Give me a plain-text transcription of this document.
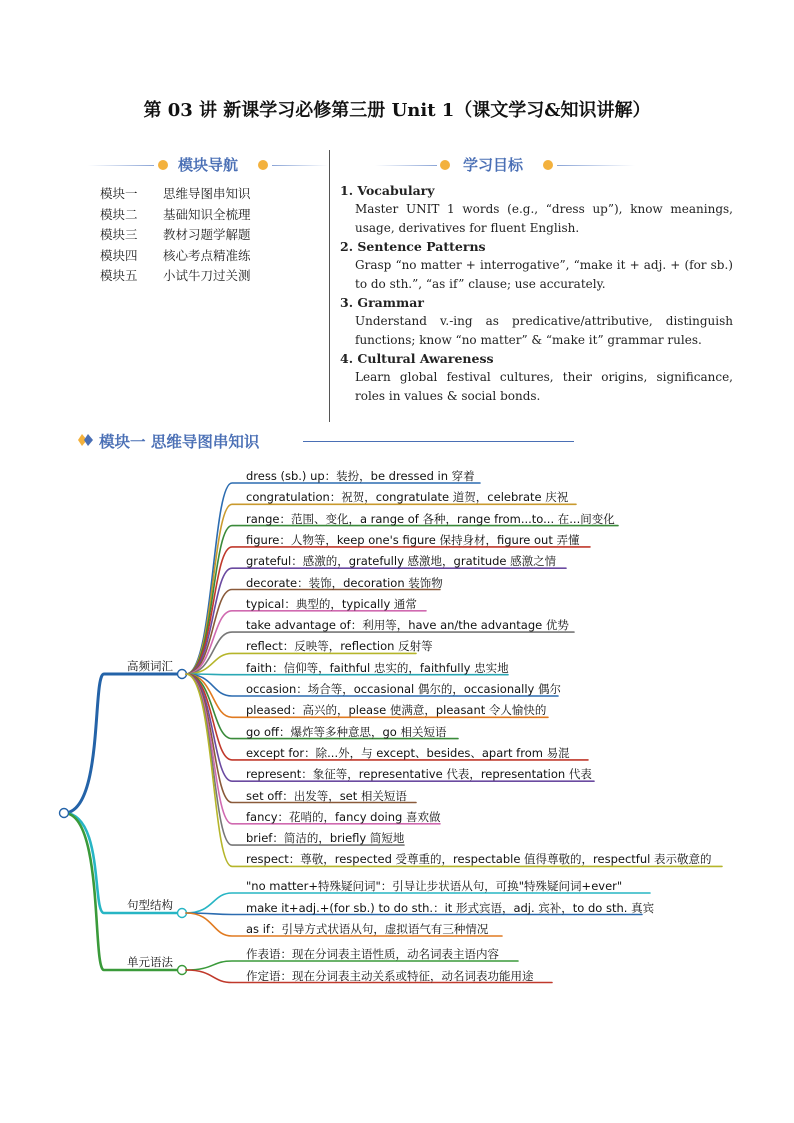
第 03 讲 新课学习必修第三册 Unit 1（课文学习&知识讲解）
模块导航	学习目标
模块一 思维导图串知识
模块二 基础知识全梳理
模块三 教材习题学解题
模块四 核心考点精准练
模块五 小试牛刀过关测
1. Vocabulary
Master UNIT 1 words (e.g., “dress up”), know meanings, usage, derivatives for fluent English.
2. Sentence Patterns
Grasp “no matter + interrogative”, “make it + adj. + (for sb.) to do sth.”, “as if” clause; use accurately.
3. Grammar
Understand v.-ing as predicative/attributive, distinguish functions; know “no matter” & “make it” grammar rules.
4. Cultural Awareness
Learn global festival cultures, their origins, significance, roles in values & social bonds.
模块一 思维导图串知识
高频词汇
dress (sb.) up：装扮，be dressed in 穿着
congratulation：祝贺，congratulate 道贺，celebrate 庆祝
range：范围、变化，a range of 各种，range from...to... 在...间变化
figure：人物等，keep one's figure 保持身材，figure out 弄懂
grateful：感激的，gratefully 感激地，gratitude 感激之情
decorate：装饰，decoration 装饰物
typical：典型的，typically 通常
take advantage of：利用等，have an/the advantage 优势
reflect：反映等，reflection 反射等
faith：信仰等，faithful 忠实的，faithfully 忠实地
occasion：场合等，occasional 偶尔的，occasionally 偶尔
pleased：高兴的，please 使满意，pleasant 令人愉快的
go off：爆炸等多种意思，go 相关短语
except for：除...外，与 except、besides、apart from 易混
represent：象征等，representative 代表，representation 代表
set off：出发等，set 相关短语
fancy：花哨的，fancy doing 喜欢做
brief：简洁的，briefly 简短地
respect：尊敬，respected 受尊重的，respectable 值得尊敬的，respectful 表示敬意的
句型结构
"no matter+特殊疑问词"：引导让步状语从句，可换"特殊疑问词+ever"
make it+adj.+(for sb.) to do sth.：it 形式宾语，adj. 宾补，to do sth. 真宾
as if：引导方式状语从句，虚拟语气有三种情况
单元语法
作表语：现在分词表主语性质，动名词表主语内容
作定语：现在分词表主动关系或特征，动名词表功能用途
